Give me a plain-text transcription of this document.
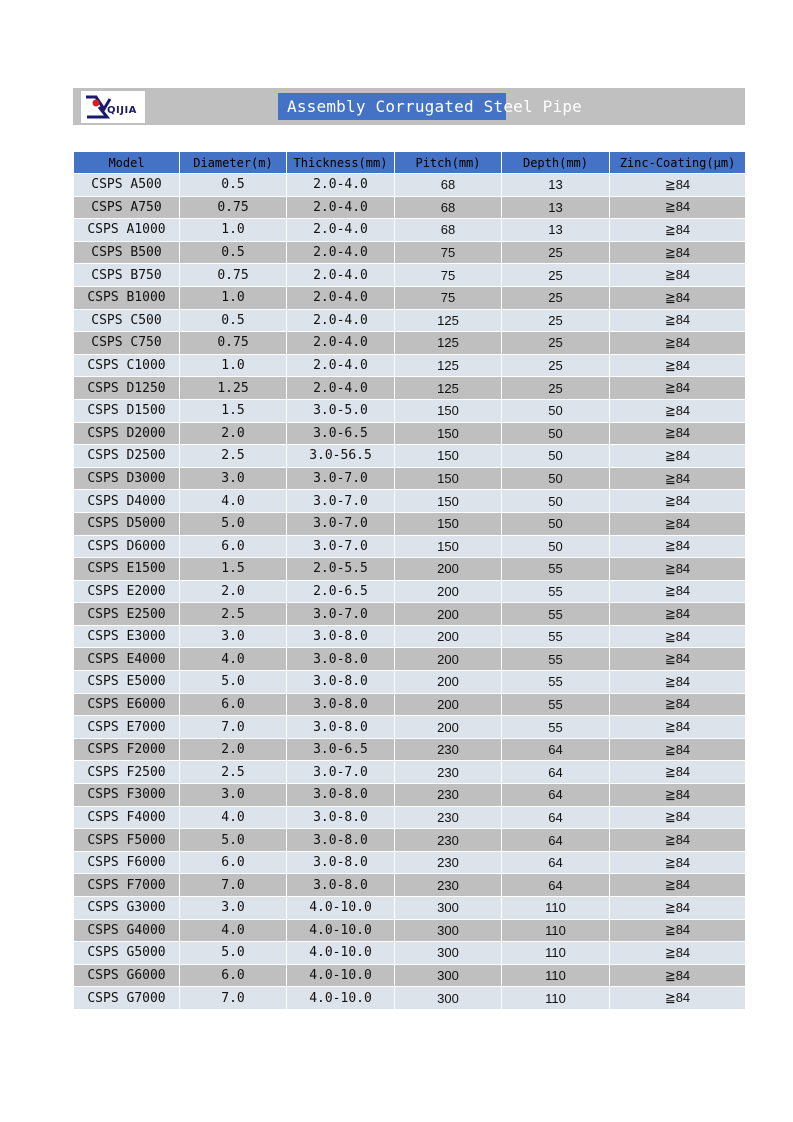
QIJIA	Assembly Corrugated Steel Pipe
Model	Diameter(m)	Thickness(mm)	Pitch(mm)	Depth(mm)	Zinc-Coating(μm)
CSPS A500	0.5	2.0-4.0	68	13	≧84
CSPS A750	0.75	2.0-4.0	68	13	≧84
CSPS A1000	1.0	2.0-4.0	68	13	≧84
CSPS B500	0.5	2.0-4.0	75	25	≧84
CSPS B750	0.75	2.0-4.0	75	25	≧84
CSPS B1000	1.0	2.0-4.0	75	25	≧84
CSPS C500	0.5	2.0-4.0	125	25	≧84
CSPS C750	0.75	2.0-4.0	125	25	≧84
CSPS C1000	1.0	2.0-4.0	125	25	≧84
CSPS D1250	1.25	2.0-4.0	125	25	≧84
CSPS D1500	1.5	3.0-5.0	150	50	≧84
CSPS D2000	2.0	3.0-6.5	150	50	≧84
CSPS D2500	2.5	3.0-56.5	150	50	≧84
CSPS D3000	3.0	3.0-7.0	150	50	≧84
CSPS D4000	4.0	3.0-7.0	150	50	≧84
CSPS D5000	5.0	3.0-7.0	150	50	≧84
CSPS D6000	6.0	3.0-7.0	150	50	≧84
CSPS E1500	1.5	2.0-5.5	200	55	≧84
CSPS E2000	2.0	2.0-6.5	200	55	≧84
CSPS E2500	2.5	3.0-7.0	200	55	≧84
CSPS E3000	3.0	3.0-8.0	200	55	≧84
CSPS E4000	4.0	3.0-8.0	200	55	≧84
CSPS E5000	5.0	3.0-8.0	200	55	≧84
CSPS E6000	6.0	3.0-8.0	200	55	≧84
CSPS E7000	7.0	3.0-8.0	200	55	≧84
CSPS F2000	2.0	3.0-6.5	230	64	≧84
CSPS F2500	2.5	3.0-7.0	230	64	≧84
CSPS F3000	3.0	3.0-8.0	230	64	≧84
CSPS F4000	4.0	3.0-8.0	230	64	≧84
CSPS F5000	5.0	3.0-8.0	230	64	≧84
CSPS F6000	6.0	3.0-8.0	230	64	≧84
CSPS F7000	7.0	3.0-8.0	230	64	≧84
CSPS G3000	3.0	4.0-10.0	300	110	≧84
CSPS G4000	4.0	4.0-10.0	300	110	≧84
CSPS G5000	5.0	4.0-10.0	300	110	≧84
CSPS G6000	6.0	4.0-10.0	300	110	≧84
CSPS G7000	7.0	4.0-10.0	300	110	≧84
